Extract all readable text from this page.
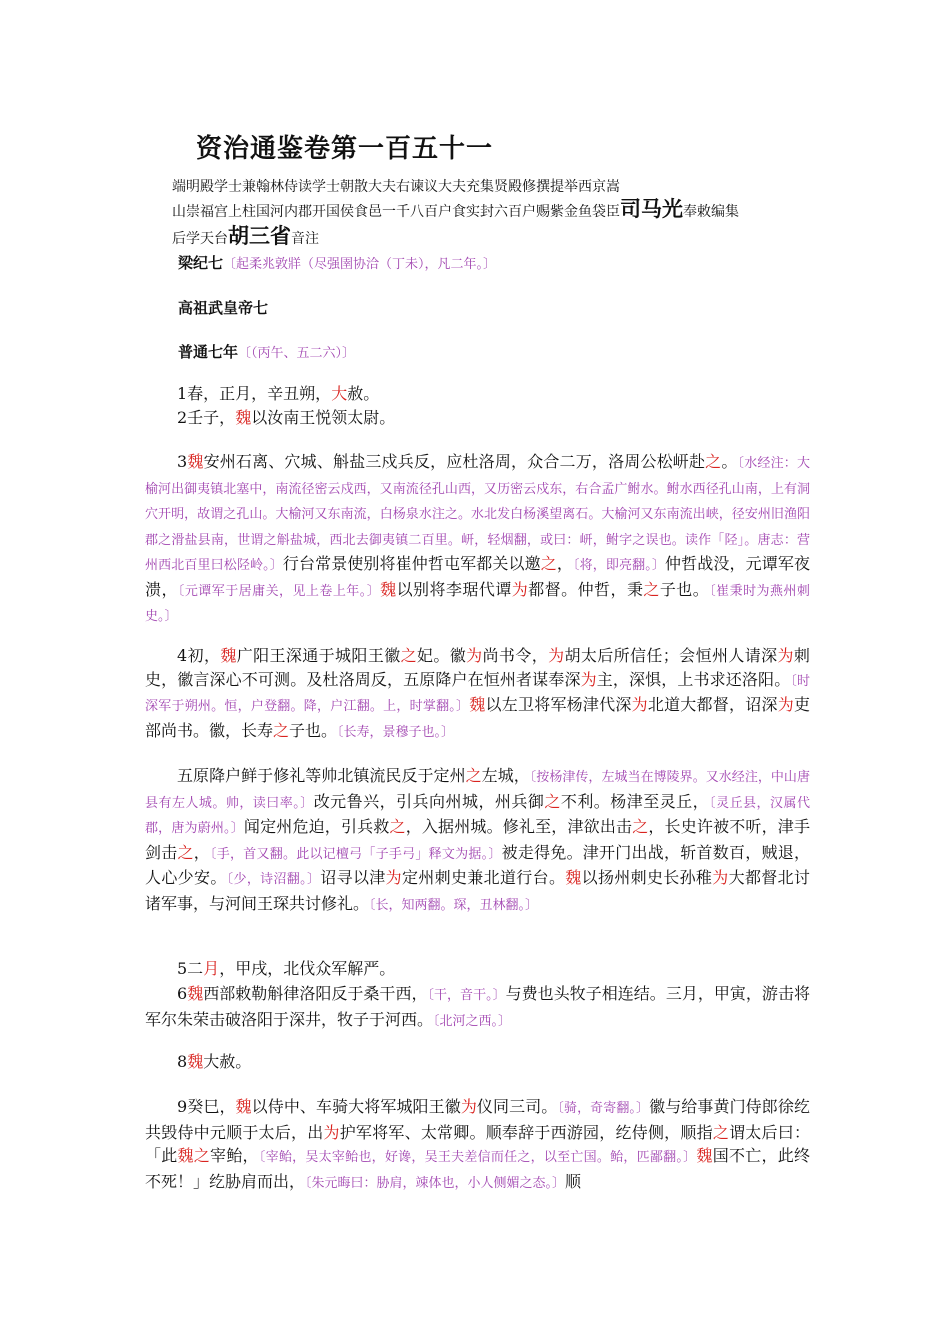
资治通鉴卷第一百五十一
端明殿学士兼翰林侍读学士朝散大夫右谏议大夫充集贤殿修撰提举西京嵩
山崇福宫上柱国河内郡开国侯食邑一千八百户食实封六百户赐紫金鱼袋臣司马光奉敕编集
后学天台胡三省音注
梁纪七〔起柔兆敦牂（尽强圉协洽（丁未），凡二年。〕
高祖武皇帝七
普通七年〔（丙午、五二六）〕
1春，正月，辛丑朔，大赦。
2壬子，魏以汝南王悦领太尉。
3魏安州石离、穴城、斛盐三戍兵反，应杜洛周，众合二万，洛周公松岍赴之。〔水经注：大榆河出御夷镇北塞中，南流径密云戍西，又南流径孔山西，又历密云戍东，右合孟广鲋水。鲋水西径孔山南，上有洞穴开明，故谓之孔山。大榆河又东南流，白杨泉水注之。水北发白杨溪望离石。大榆河又东南流出峡，径安州旧渔阳郡之滑盐县南，世谓之斛盐城，西北去御夷镇二百里。岍，轻烟翻，或曰：岍，鲋字之误也。读作「陉」。唐志：营州西北百里曰松陉岭。〕行台常景使别将崔仲哲屯军都关以邀之，〔将，即亮翻。〕仲哲战没，元谭军夜溃，〔元谭军于居庸关，见上卷上年。〕魏以别将李琚代谭为都督。仲哲，秉之子也。〔崔秉时为燕州刺史。〕
4初，魏广阳王深通于城阳王徽之妃。徽为尚书令，为胡太后所信任；会恒州人请深为刺史，徽言深心不可测。及杜洛周反，五原降户在恒州者谋奉深为主，深惧，上书求还洛阳。〔时深军于朔州。恒，户登翻。降，户江翻。上，时掌翻。〕魏以左卫将军杨津代深为北道大都督，诏深为吏部尚书。徽，长寿之子也。〔长寿，景穆子也。〕
五原降户鲜于修礼等帅北镇流民反于定州之左城，〔按杨津传，左城当在博陵界。又水经注，中山唐县有左人城。帅，读曰率。〕改元鲁兴，引兵向州城，州兵御之不利。杨津至灵丘，〔灵丘县，汉属代郡，唐为蔚州。〕闻定州危迫，引兵救之，入据州城。修礼至，津欲出击之，长史许被不听，津手剑击之，〔手，首又翻。此以记檀弓「子手弓」释文为据。〕被走得免。津开门出战，斩首数百，贼退，人心少安。〔少，诗沼翻。〕诏寻以津为定州刺史兼北道行台。魏以扬州刺史长孙稚为大都督北讨诸军事，与河间王琛共讨修礼。〔长，知两翻。琛，丑林翻。〕
5二月，甲戌，北伐众军解严。
6魏西部敕勒斛律洛阳反于桑干西，〔干，音干。〕与费也头牧子相连结。三月，甲寅，游击将军尔朱荣击破洛阳于深井，牧子于河西。〔北河之西。〕
8魏大赦。
9癸巳，魏以侍中、车骑大将军城阳王徽为仪同三司。〔骑，奇寄翻。〕徽与给事黄门侍郎徐纥共毁侍中元顺于太后，出为护军将军、太常卿。顺奉辞于西游园，纥侍侧，顺指之谓太后曰：「此魏之宰鲐，〔宰鲐，吴太宰鲐也，好谗，吴王夫差信而任之，以至亡国。鲐，匹鄙翻。〕魏国不亡，此终不死！」纥胁肩而出，〔朱元晦曰：胁肩，竦体也，小人侧媚之态。〕顺
